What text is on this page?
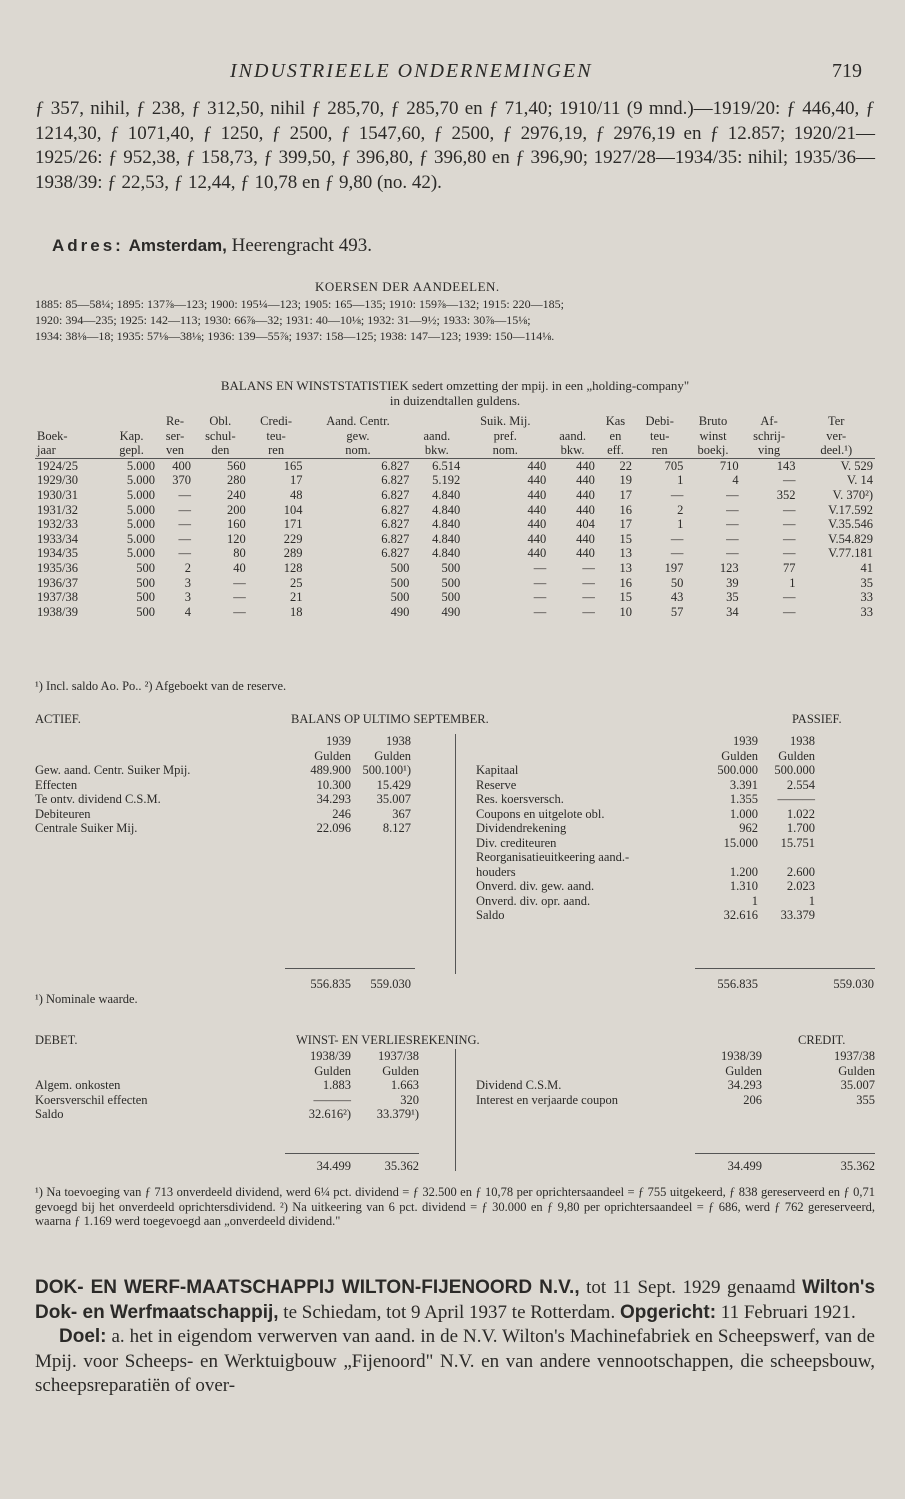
INDUSTRIEELE ONDERNEMINGEN	719

ƒ 357, nihil, ƒ 238, ƒ 312,50, nihil ƒ 285,70, ƒ 285,70 en ƒ 71,40; 1910/11 (9 mnd.)—1919/20: ƒ 446,40, ƒ 1214,30, ƒ 1071,40, ƒ 1250, ƒ 2500, ƒ 1547,60, ƒ 2500, ƒ 2976,19, ƒ 2976,19 en ƒ 12.857; 1920/21—1925/26: ƒ 952,38, ƒ 158,73, ƒ 399,50, ƒ 396,80, ƒ 396,80 en ƒ 396,90; 1927/28—1934/35: nihil; 1935/36—1938/39: ƒ 22,53, ƒ 12,44, ƒ 10,78 en ƒ 9,80 (no. 42).

Adres: Amsterdam, Heerengracht 493.
KOERSEN DER AANDEELEN.
1885: 85—58¼; 1895: 137⅞—123; 1900: 195¼—123; 1905: 165—135; 1910: 159⅞—132; 1915: 220—185;
1920: 394—235; 1925: 142—113; 1930: 66⅞—32; 1931: 40—10⅛; 1932: 31—9½; 1933: 30⅞—15⅛;
1934: 38⅛—18; 1935: 57⅛—38⅛; 1936: 139—55⅞; 1937: 158—125; 1938: 147—123; 1939: 150—114⅛.
BALANS EN WINSTSTATISTIEK sedert omzetting der mpij. in een „holding-company"
in duizendtallen guldens.
		Re-	Obl.	Credi-	Aand. Centr.		Suik. Mij.		Kas	Debi-	Bruto	Af-	Ter
Boek-	Kap.	ser-	schul-	teu-	gew.	aand.	pref.	aand.	en	teu-	winst	schrij-	ver-
jaar	gepl.	ven	den	ren	nom.	bkw.	nom.	bkw.	eff.	ren	boekj.	ving	deel.¹)
1924/25	5.000	400	560	165	6.827	6.514	440	440	22	705	710	143	V. 529
1929/30	5.000	370	280	17	6.827	5.192	440	440	19	1	4	—	V. 14
1930/31	5.000	—	240	48	6.827	4.840	440	440	17	—	—	352	V. 370²)
1931/32	5.000	—	200	104	6.827	4.840	440	440	16	2	—	—	V.17.592
1932/33	5.000	—	160	171	6.827	4.840	440	404	17	1	—	—	V.35.546
1933/34	5.000	—	120	229	6.827	4.840	440	440	15	—	—	—	V.54.829
1934/35	5.000	—	80	289	6.827	4.840	440	440	13	—	—	—	V.77.181
1935/36	500	2	40	128	500	500	—	—	13	197	123	77	41
1936/37	500	3	—	25	500	500	—	—	16	50	39	1	35
1937/38	500	3	—	21	500	500	—	—	15	43	35	—	33
1938/39	500	4	—	18	490	490	—	—	10	57	34	—	33
¹) Incl. saldo Ao. Po.. ²) Afgeboekt van de reserve.
ACTIEF.	BALANS OP ULTIMO SEPTEMBER.	PASSIEF.
1939	1938
Gulden	Gulden
Gew. aand. Centr. Suiker Mpij.	489.900 500.100¹)
Effecten	10.300	15.429
Te ontv. dividend C.S.M.	34.293	35.007
Debiteuren	246	367
Centrale Suiker Mij.	22.096	8.127
1939	1938
Gulden	Gulden
Kapitaal	500.000	500.000
Reserve	3.391	2.554
Res. koersversch.	1.355	———
Coupons en uitgelote obl.	1.000	1.022
Dividendrekening	962	1.700
Div. crediteuren	15.000	15.751
Reorganisatieuitkeering aand.-
houders	1.200	2.600
Onverd. div. gew. aand.	1.310	2.023
Onverd. div. opr. aand.	1	1
Saldo	32.616	33.379
556.835	559.030	556.835	559.030
¹) Nominale waarde.
DEBET.	WINST- EN VERLIESREKENING.	CREDIT.
1938/39	1937/38
Gulden	Gulden
Algem. onkosten	1.883	1.663
Koersverschil effecten	———	320
Saldo	32.616²)	33.379¹)
1938/39	1937/38
Gulden	Gulden
Dividend C.S.M.	34.293	35.007
Interest en verjaarde coupon	206	355
34.499	35.362	34.499	35.362
¹) Na toevoeging van ƒ 713 onverdeeld dividend, werd 6¼ pct. dividend = ƒ 32.500 en ƒ 10,78 per oprichtersaandeel = ƒ 755 uitgekeerd, ƒ 838 gereserveerd en ƒ 0,71 gevoegd bij het onverdeeld oprichtersdividend. ²) Na uitkeering van 6 pct. dividend = ƒ 30.000 en ƒ 9,80 per oprichtersaandeel = ƒ 686, werd ƒ 762 gereserveerd, waarna ƒ 1.169 werd toegevoegd aan „onverdeeld dividend."

DOK- EN WERF-MAATSCHAPPIJ WILTON-FIJENOORD N.V., tot 11 Sept. 1929 genaamd Wilton's Dok- en Werfmaatschappij, te Schiedam, tot 9 April 1937 te Rotterdam. Opgericht: 11 Februari 1921.

Doel: a. het in eigendom verwerven van aand. in de N.V. Wilton's Machinefabriek en Scheepswerf, van de Mpij. voor Scheeps- en Werktuigbouw „Fijenoord" N.V. en van andere vennootschappen, die scheepsbouw, scheepsreparatiën of over-
